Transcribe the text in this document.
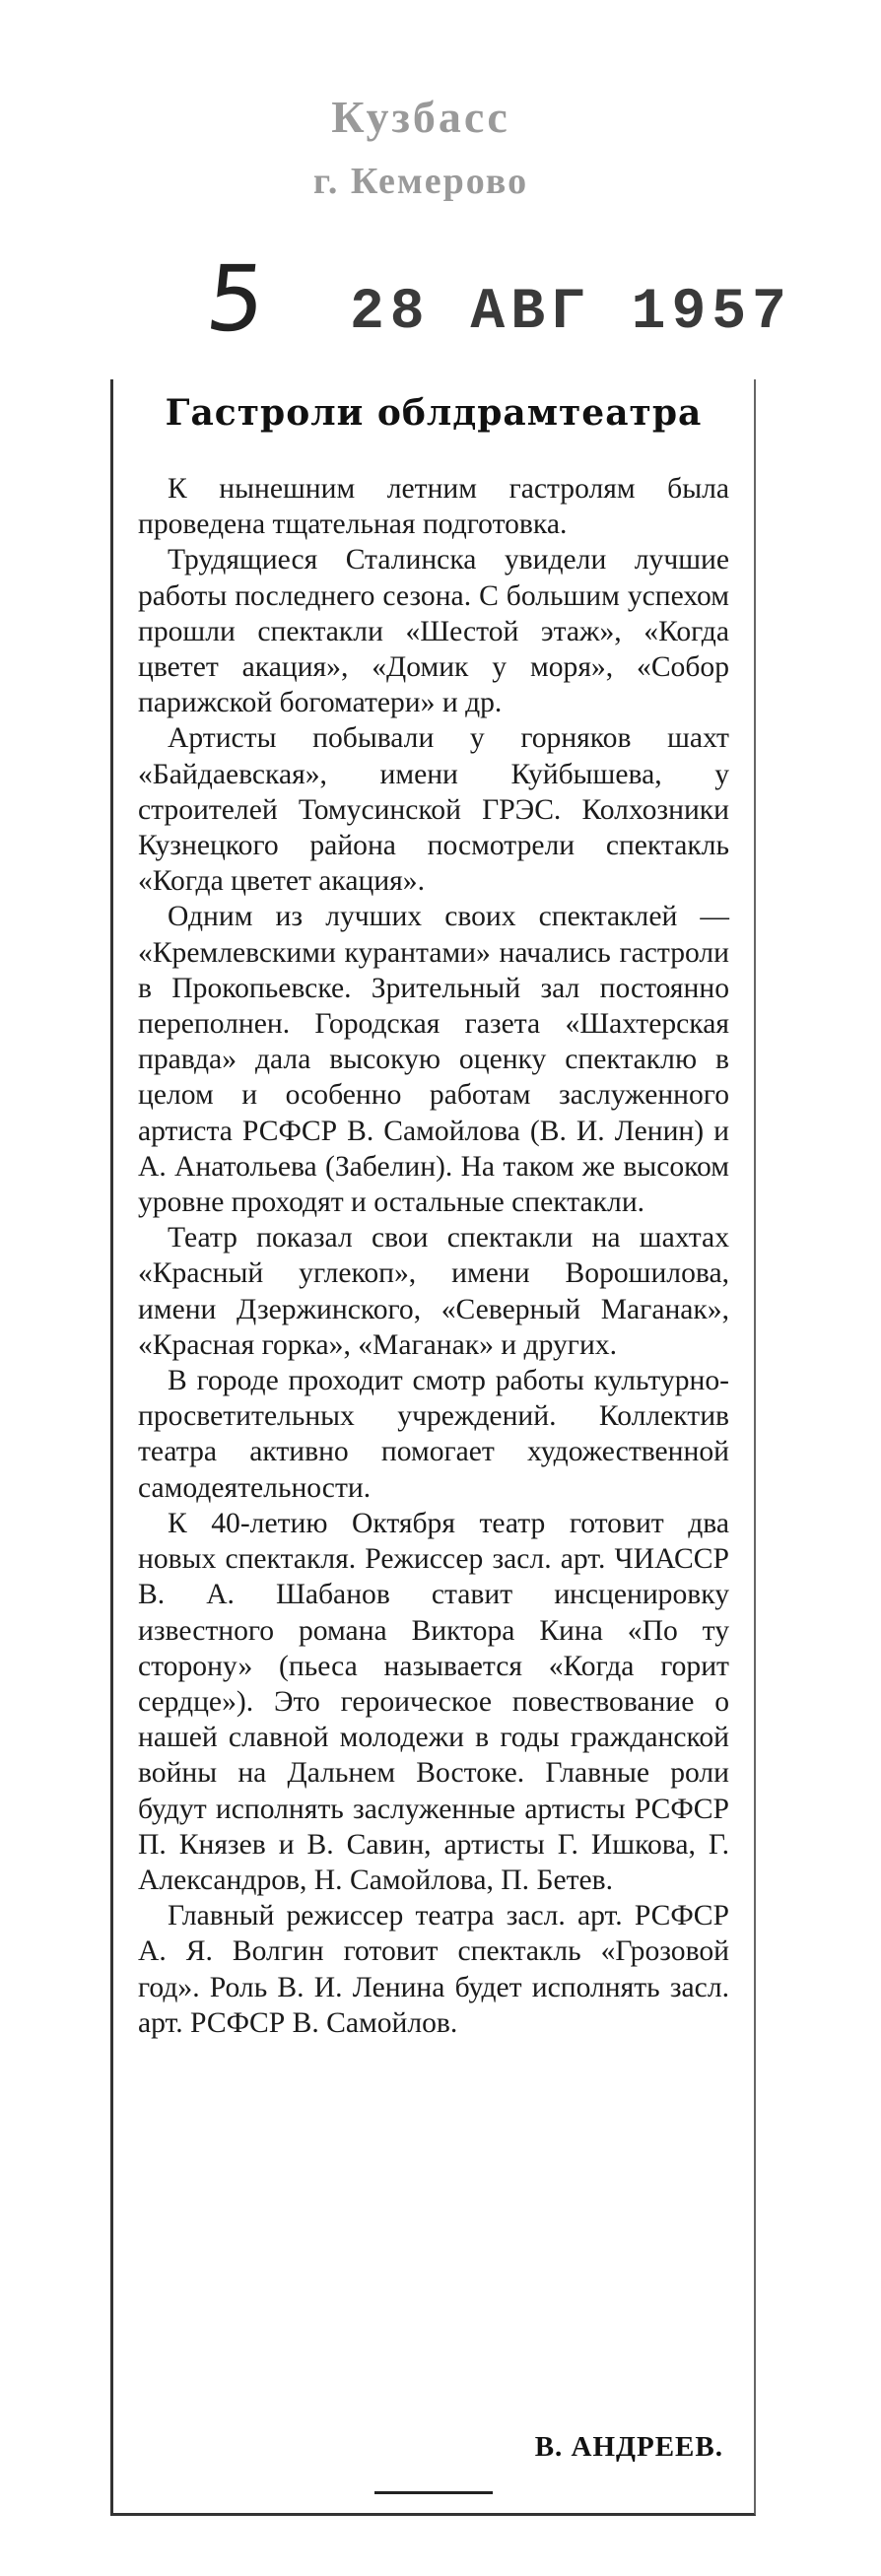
Кузбасс
г. Кемерово
5 28 АВГ 1957
Гастроли облдрамтеатра

К нынешним летним гастролям была проведена тщательная подготовка.

Трудящиеся Сталинска увидели лучшие работы последнего сезона. С большим успехом прошли спектакли «Шестой этаж», «Когда цветет акация», «Домик у моря», «Собор парижской богоматери» и др.

Артисты побывали у горняков шахт «Байдаевская», имени Куйбышева, у строителей Томусинской ГРЭС. Колхозники Кузнецкого района посмотрели спектакль «Когда цветет акация».

Одним из лучших своих спектаклей — «Кремлевскими курантами» начались гастроли в Прокопьевске. Зрительный зал постоянно переполнен. Городская газета «Шахтерская правда» дала высокую оценку спектаклю в целом и особенно работам заслуженного артиста РСФСР В. Самойлова (В. И. Ленин) и А. Анатольева (Забелин). На таком же высоком уровне проходят и остальные спектакли.

Театр показал свои спектакли на шахтах «Красный углекоп», имени Ворошилова, имени Дзержинского, «Северный Маганак», «Красная горка», «Маганак» и других.

В городе проходит смотр работы культурно-просветительных учреждений. Коллектив театра активно помогает художественной самодеятельности.

К 40-летию Октября театр готовит два новых спектакля. Режиссер засл. арт. ЧИАССР В. А. Шабанов ставит инсценировку известного романа Виктора Кина «По ту сторону» (пьеса называется «Когда горит сердце»). Это героическое повествование о нашей славной молодежи в годы гражданской войны на Дальнем Востоке. Главные роли будут исполнять заслуженные артисты РСФСР П. Князев и В. Савин, артисты Г. Ишкова, Г. Александров, Н. Самойлова, П. Бетев.

Главный режиссер театра засл. арт. РСФСР А. Я. Волгин готовит спектакль «Грозовой год». Роль В. И. Ленина будет исполнять засл. арт. РСФСР В. Самойлов.

В. АНДРЕЕВ.
